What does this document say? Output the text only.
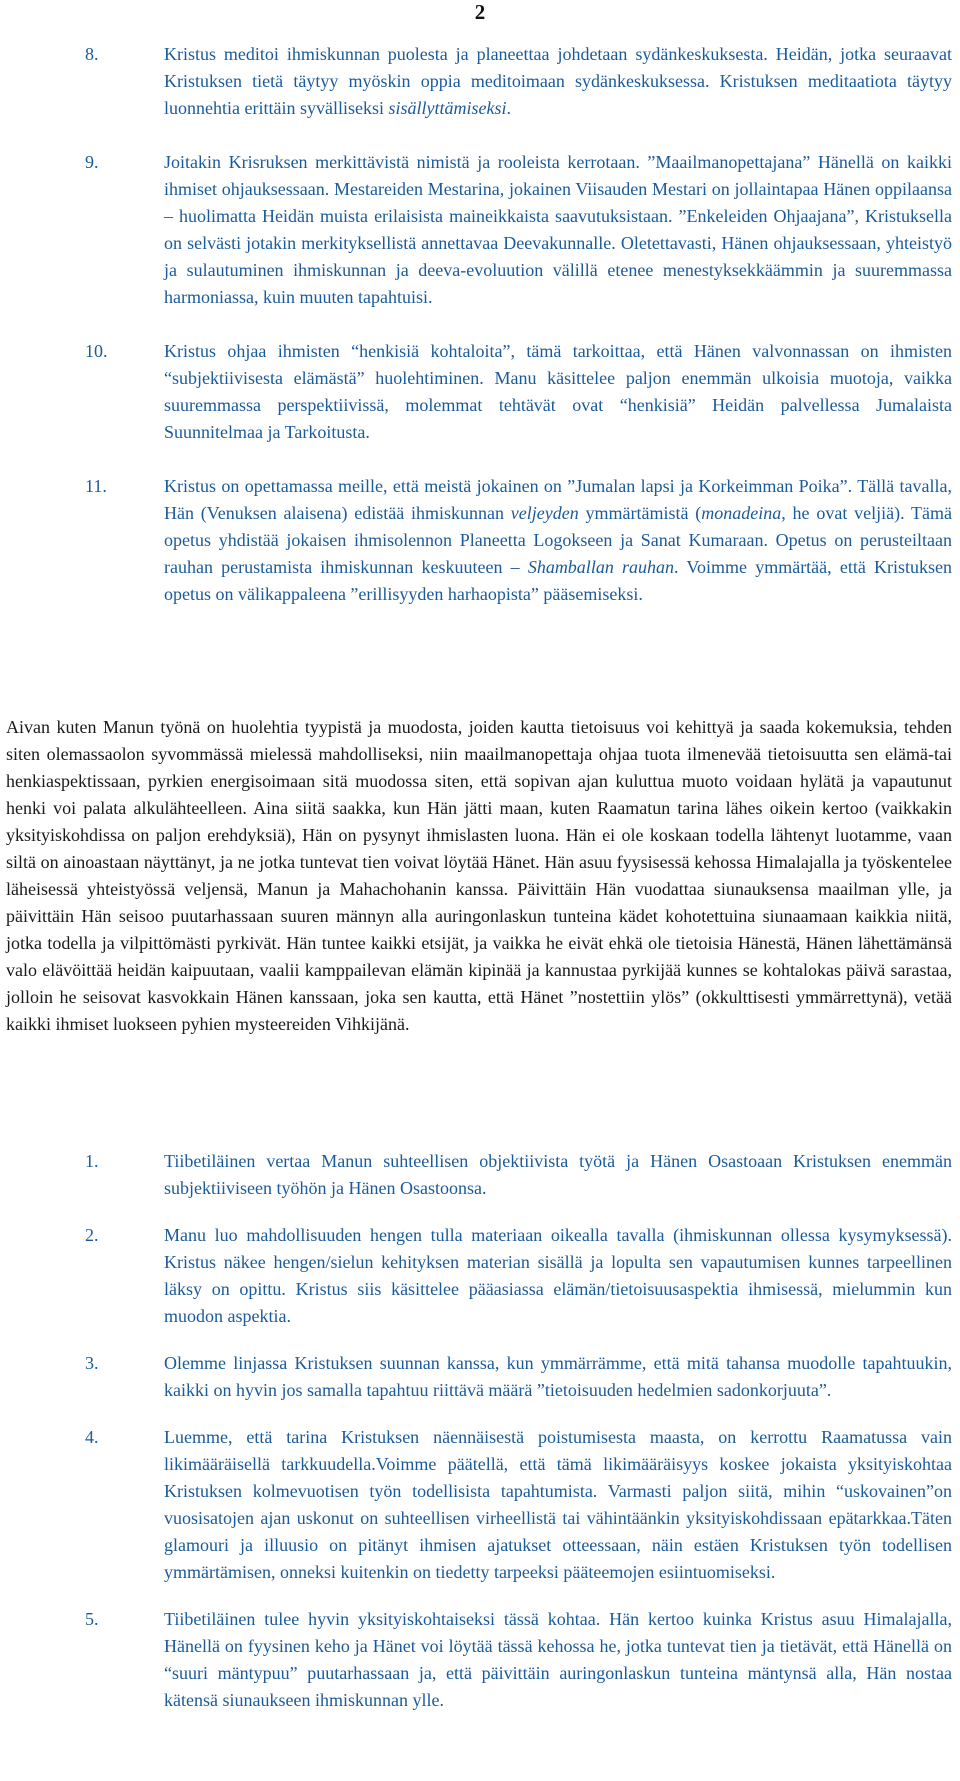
2

8.	Kristus meditoi ihmiskunnan puolesta ja planeettaa johdetaan sydänkeskuksesta. Heidän, jotka seuraavat Kristuksen tietä täytyy myöskin oppia meditoimaan sydänkeskuksessa. Kristuksen meditaatiota täytyy luonnehtia erittäin syvälliseksi sisällyttämiseksi.

9.	Joitakin Krisruksen merkittävistä nimistä ja rooleista kerrotaan. ”Maailmanopettajana” Hänellä on kaikki ihmiset ohjauksessaan. Mestareiden Mestarina, jokainen Viisauden Mestari on jollaintapaa Hänen oppilaansa – huolimatta Heidän muista erilaisista maineikkaista saavutuksistaan. ”Enkeleiden Ohjaajana”, Kristuksella on selvästi jotakin merkityksellistä annettavaa Deevakunnalle. Oletettavasti, Hänen ohjauksessaan, yhteistyö ja sulautuminen ihmiskunnan ja deeva-evoluution välillä etenee menestyksekkäämmin ja suuremmassa harmoniassa, kuin muuten tapahtuisi.

10.	Kristus ohjaa ihmisten “henkisiä kohtaloita”, tämä tarkoittaa, että Hänen valvonnassan on ihmisten “subjektiivisesta elämästä” huolehtiminen. Manu käsittelee paljon enemmän ulkoisia muotoja, vaikka suuremmassa perspektiivissä, molemmat tehtävät ovat “henkisiä” Heidän palvellessa Jumalaista Suunnitelmaa ja Tarkoitusta.

11.	Kristus on opettamassa meille, että meistä jokainen on ”Jumalan lapsi ja Korkeimman Poika”. Tällä tavalla, Hän (Venuksen alaisena) edistää ihmiskunnan veljeyden ymmärtämistä (monadeina, he ovat veljiä). Tämä opetus yhdistää jokaisen ihmisolennon Planeetta Logokseen ja Sanat Kumaraan. Opetus on perusteiltaan rauhan perustamista ihmiskunnan keskuuteen – Shamballan rauhan. Voimme ymmärtää, että Kristuksen opetus on välikappaleena ”erillisyyden harhaopista” pääsemiseksi.

Aivan kuten Manun työnä on huolehtia tyypistä ja muodosta, joiden kautta tietoisuus voi kehittyä ja saada kokemuksia, tehden siten olemassaolon syvommässä mielessä mahdolliseksi, niin maailmanopettaja ohjaa tuota ilmenevää tietoisuutta sen elämä-tai henkiaspektissaan, pyrkien energisoimaan sitä muodossa siten, että sopivan ajan kuluttua muoto voidaan hylätä ja vapautunut henki voi palata alkulähteelleen. Aina siitä saakka, kun Hän jätti maan, kuten Raamatun tarina lähes oikein kertoo (vaikkakin yksityiskohdissa on paljon erehdyksiä), Hän on pysynyt ihmislasten luona. Hän ei ole koskaan todella lähtenyt luotamme, vaan siltä on ainoastaan näyttänyt, ja ne jotka tuntevat tien voivat löytää Hänet. Hän asuu fyysisessä kehossa Himalajalla ja työskentelee läheisessä yhteistyössä veljensä, Manun ja Mahachohanin kanssa. Päivittäin Hän vuodattaa siunauksensa maailman ylle, ja päivittäin Hän seisoo puutarhassaan suuren männyn alla auringonlaskun tunteina kädet kohotettuina siunaamaan kaikkia niitä, jotka todella ja vilpittömästi pyrkivät. Hän tuntee kaikki etsijät, ja vaikka he eivät ehkä ole tietoisia Hänestä, Hänen lähettämänsä valo elävöittää heidän kaipuutaan, vaalii kamppailevan elämän kipinää ja kannustaa pyrkijää kunnes se kohtalokas päivä sarastaa, jolloin he seisovat kasvokkain Hänen kanssaan, joka sen kautta, että Hänet ”nostettiin ylös” (okkulttisesti ymmärrettynä), vetää kaikki ihmiset luokseen pyhien mysteereiden Vihkijänä.

1.	Tiibetiläinen vertaa Manun suhteellisen objektiivista työtä ja Hänen Osastoaan Kristuksen enemmän subjektiiviseen työhön ja Hänen Osastoonsa.

2.	Manu luo mahdollisuuden hengen tulla materiaan oikealla tavalla (ihmiskunnan ollessa kysymyksessä). Kristus näkee hengen/sielun kehityksen materian sisällä ja lopulta sen vapautumisen kunnes tarpeellinen läksy on opittu. Kristus siis käsittelee pääasiassa elämän/tietoisuusaspektia ihmisessä, mielummin kun muodon aspektia.

3.	Olemme linjassa Kristuksen suunnan kanssa, kun ymmärrämme, että mitä tahansa muodolle tapahtuukin, kaikki on hyvin jos samalla tapahtuu riittävä määrä ”tietoisuuden hedelmien sadonkorjuuta”.

4.	Luemme, että tarina Kristuksen näennäisestä poistumisesta maasta, on kerrottu Raamatussa vain likimääräisellä tarkkuudella.Voimme päätellä, että tämä likimääräisyys koskee jokaista yksityiskohtaa Kristuksen kolmevuotisen työn todellisista tapahtumista. Varmasti paljon siitä, mihin “uskovainen”on vuosisatojen ajan uskonut on suhteellisen virheellistä tai vähintäänkin yksityiskohdissaan epätarkkaa.Täten glamouri ja illuusio on pitänyt ihmisen ajatukset otteessaan, näin estäen Kristuksen työn todellisen ymmärtämisen, onneksi kuitenkin on tiedetty tarpeeksi pääteemojen esiintuomiseksi.

5.	Tiibetiläinen tulee hyvin yksityiskohtaiseksi tässä kohtaa. Hän kertoo kuinka Kristus asuu Himalajalla, Hänellä on fyysinen keho ja Hänet voi löytää tässä kehossa he, jotka tuntevat tien ja tietävät, että Hänellä on “suuri mäntypuu” puutarhassaan ja, että päivittäin auringonlaskun tunteina mäntynsä alla, Hän nostaa kätensä siunaukseen ihmiskunnan ylle.
